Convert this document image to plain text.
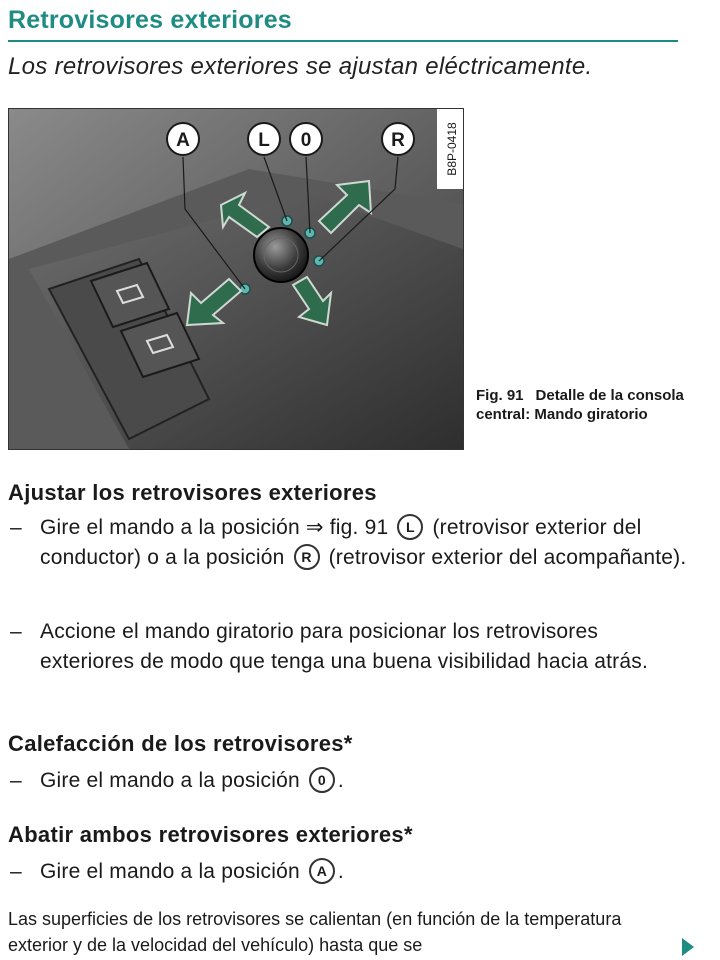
Retrovisores exteriores
Los retrovisores exteriores se ajustan eléctricamente.
A	L 0	R	B8P-0418
Fig. 91 Detalle de la consola central: Mando giratorio
Ajustar los retrovisores exteriores
– Gire el mando a la posición ⇒ fig. 91 L (retrovisor exterior del conductor) o a la posición R (retrovisor exterior del acompañante).
– Accione el mando giratorio para posicionar los retrovisores exteriores de modo que tenga una buena visibilidad hacia atrás.
Calefacción de los retrovisores*
– Gire el mando a la posición 0 .
Abatir ambos retrovisores exteriores*
– Gire el mando a la posición A .
Las superficies de los retrovisores se calientan (en función de la temperatura exterior y de la velocidad del vehículo) hasta que se
